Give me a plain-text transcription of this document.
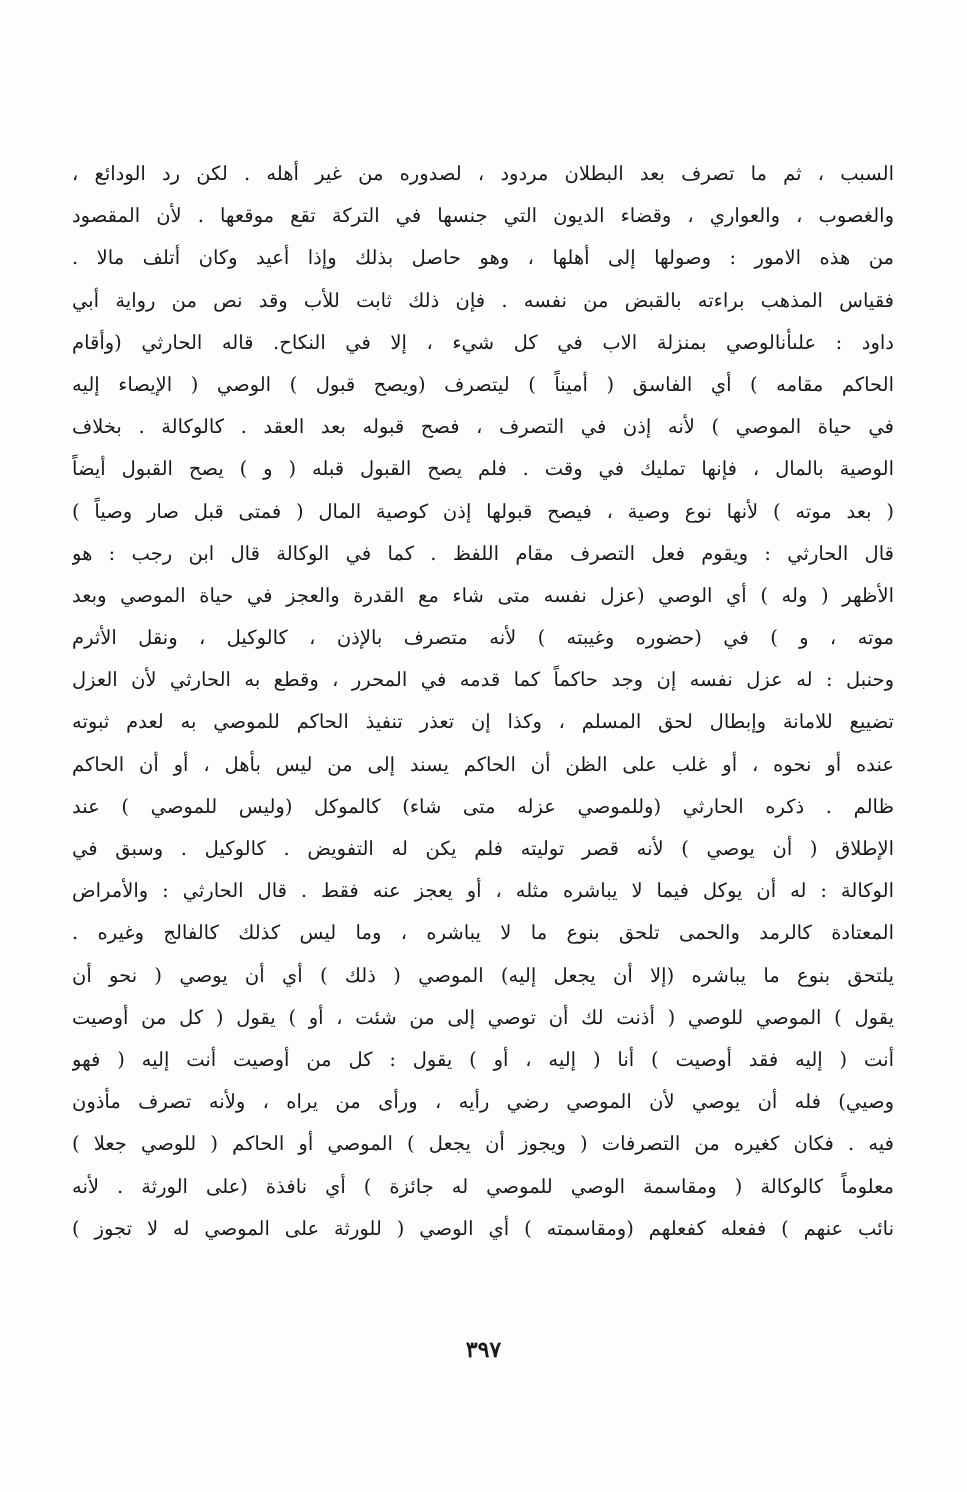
السبب ، ثم ما تصرف بعد البطلان مردود ، لصدوره من غير أهله . لكن رد الودائع ،
والغصوب ، والعواري ، وقضاء الديون التي جنسها في التركة تقع موقعها . لأن المقصود
من هذه الامور : وصولها إلى أهلها ، وهو حاصل بذلك وإذا أعيد وكان أتلف مالا .
فقياس المذهب براءته بالقبض من نفسه . فإن ذلك ثابت للأب وقد نص من رواية أبي
داود : علىأنالوصي بمنزلة الاب في كل شيء ، إلا في النكاح. قاله الحارثي (وأقام
الحاكم مقامه ) أي الفاسق ( أميناً ) ليتصرف (ويصح قبول ) الوصي ( الإيصاء إليه
في حياة الموصي ) لأنه إذن في التصرف ، فصح قبوله بعد العقد . كالوكالة . بخلاف
الوصية بالمال ، فإنها تمليك في وقت . فلم يصح القبول قبله ( و ) يصح القبول أيضاً
( بعد موته ) لأنها نوع وصية ، فيصح قبولها إذن كوصية المال ( فمتى قبل صار وصياً )
قال الحارثي : ويقوم فعل التصرف مقام اللفظ . كما في الوكالة قال ابن رجب : هو
الأظهر ( وله ) أي الوصي (عزل نفسه متى شاء مع القدرة والعجز في حياة الموصي وبعد
موته ، و ) في (حضوره وغيبته ) لأنه متصرف بالإذن ، كالوكيل ، ونقل الأثرم
وحنبل : له عزل نفسه إن وجد حاكماً كما قدمه في المحرر ، وقطع به الحارثي لأن العزل
تضييع للامانة وإبطال لحق المسلم ، وكذا إن تعذر تنفيذ الحاكم للموصي به لعدم ثبوته
عنده أو نحوه ، أو غلب على الظن أن الحاكم يسند إلى من ليس بأهل ، أو أن الحاكم
ظالم . ذكره الحارثي (وللموصي عزله متى شاء) كالموكل (وليس للموصي ) عند
الإطلاق ( أن يوصي ) لأنه قصر توليته فلم يكن له التفويض . كالوكيل . وسبق في
الوكالة : له أن يوكل فيما لا يباشره مثله ، أو يعجز عنه فقط . قال الحارثي : والأمراض
المعتادة كالرمد والحمى تلحق بنوع ما لا يباشره ، وما ليس كذلك كالفالج وغيره .
يلتحق بنوع ما يباشره (إلا أن يجعل إليه) الموصي ( ذلك ) أي أن يوصي ( نحو أن
يقول ) الموصي للوصي ( أذنت لك أن توصي إلى من شئت ، أو ) يقول ( كل من أوصيت
أنت ( إليه فقد أوصيت ) أنا ( إليه ، أو ) يقول : كل من أوصيت أنت إليه ( فهو
وصيي) فله أن يوصي لأن الموصي رضي رأيه ، ورأى من يراه ، ولأنه تصرف مأذون
فيه . فكان كغيره من التصرفات ( ويجوز أن يجعل ) الموصي أو الحاكم ( للوصي جعلا )
معلوماً كالوكالة ( ومقاسمة الوصي للموصي له جائزة ) أي نافذة (على الورثة . لأنه
نائب عنهم ) ففعله كفعلهم (ومقاسمته ) أي الوصي ( للورثة على الموصي له لا تجوز )
٣٩٧
